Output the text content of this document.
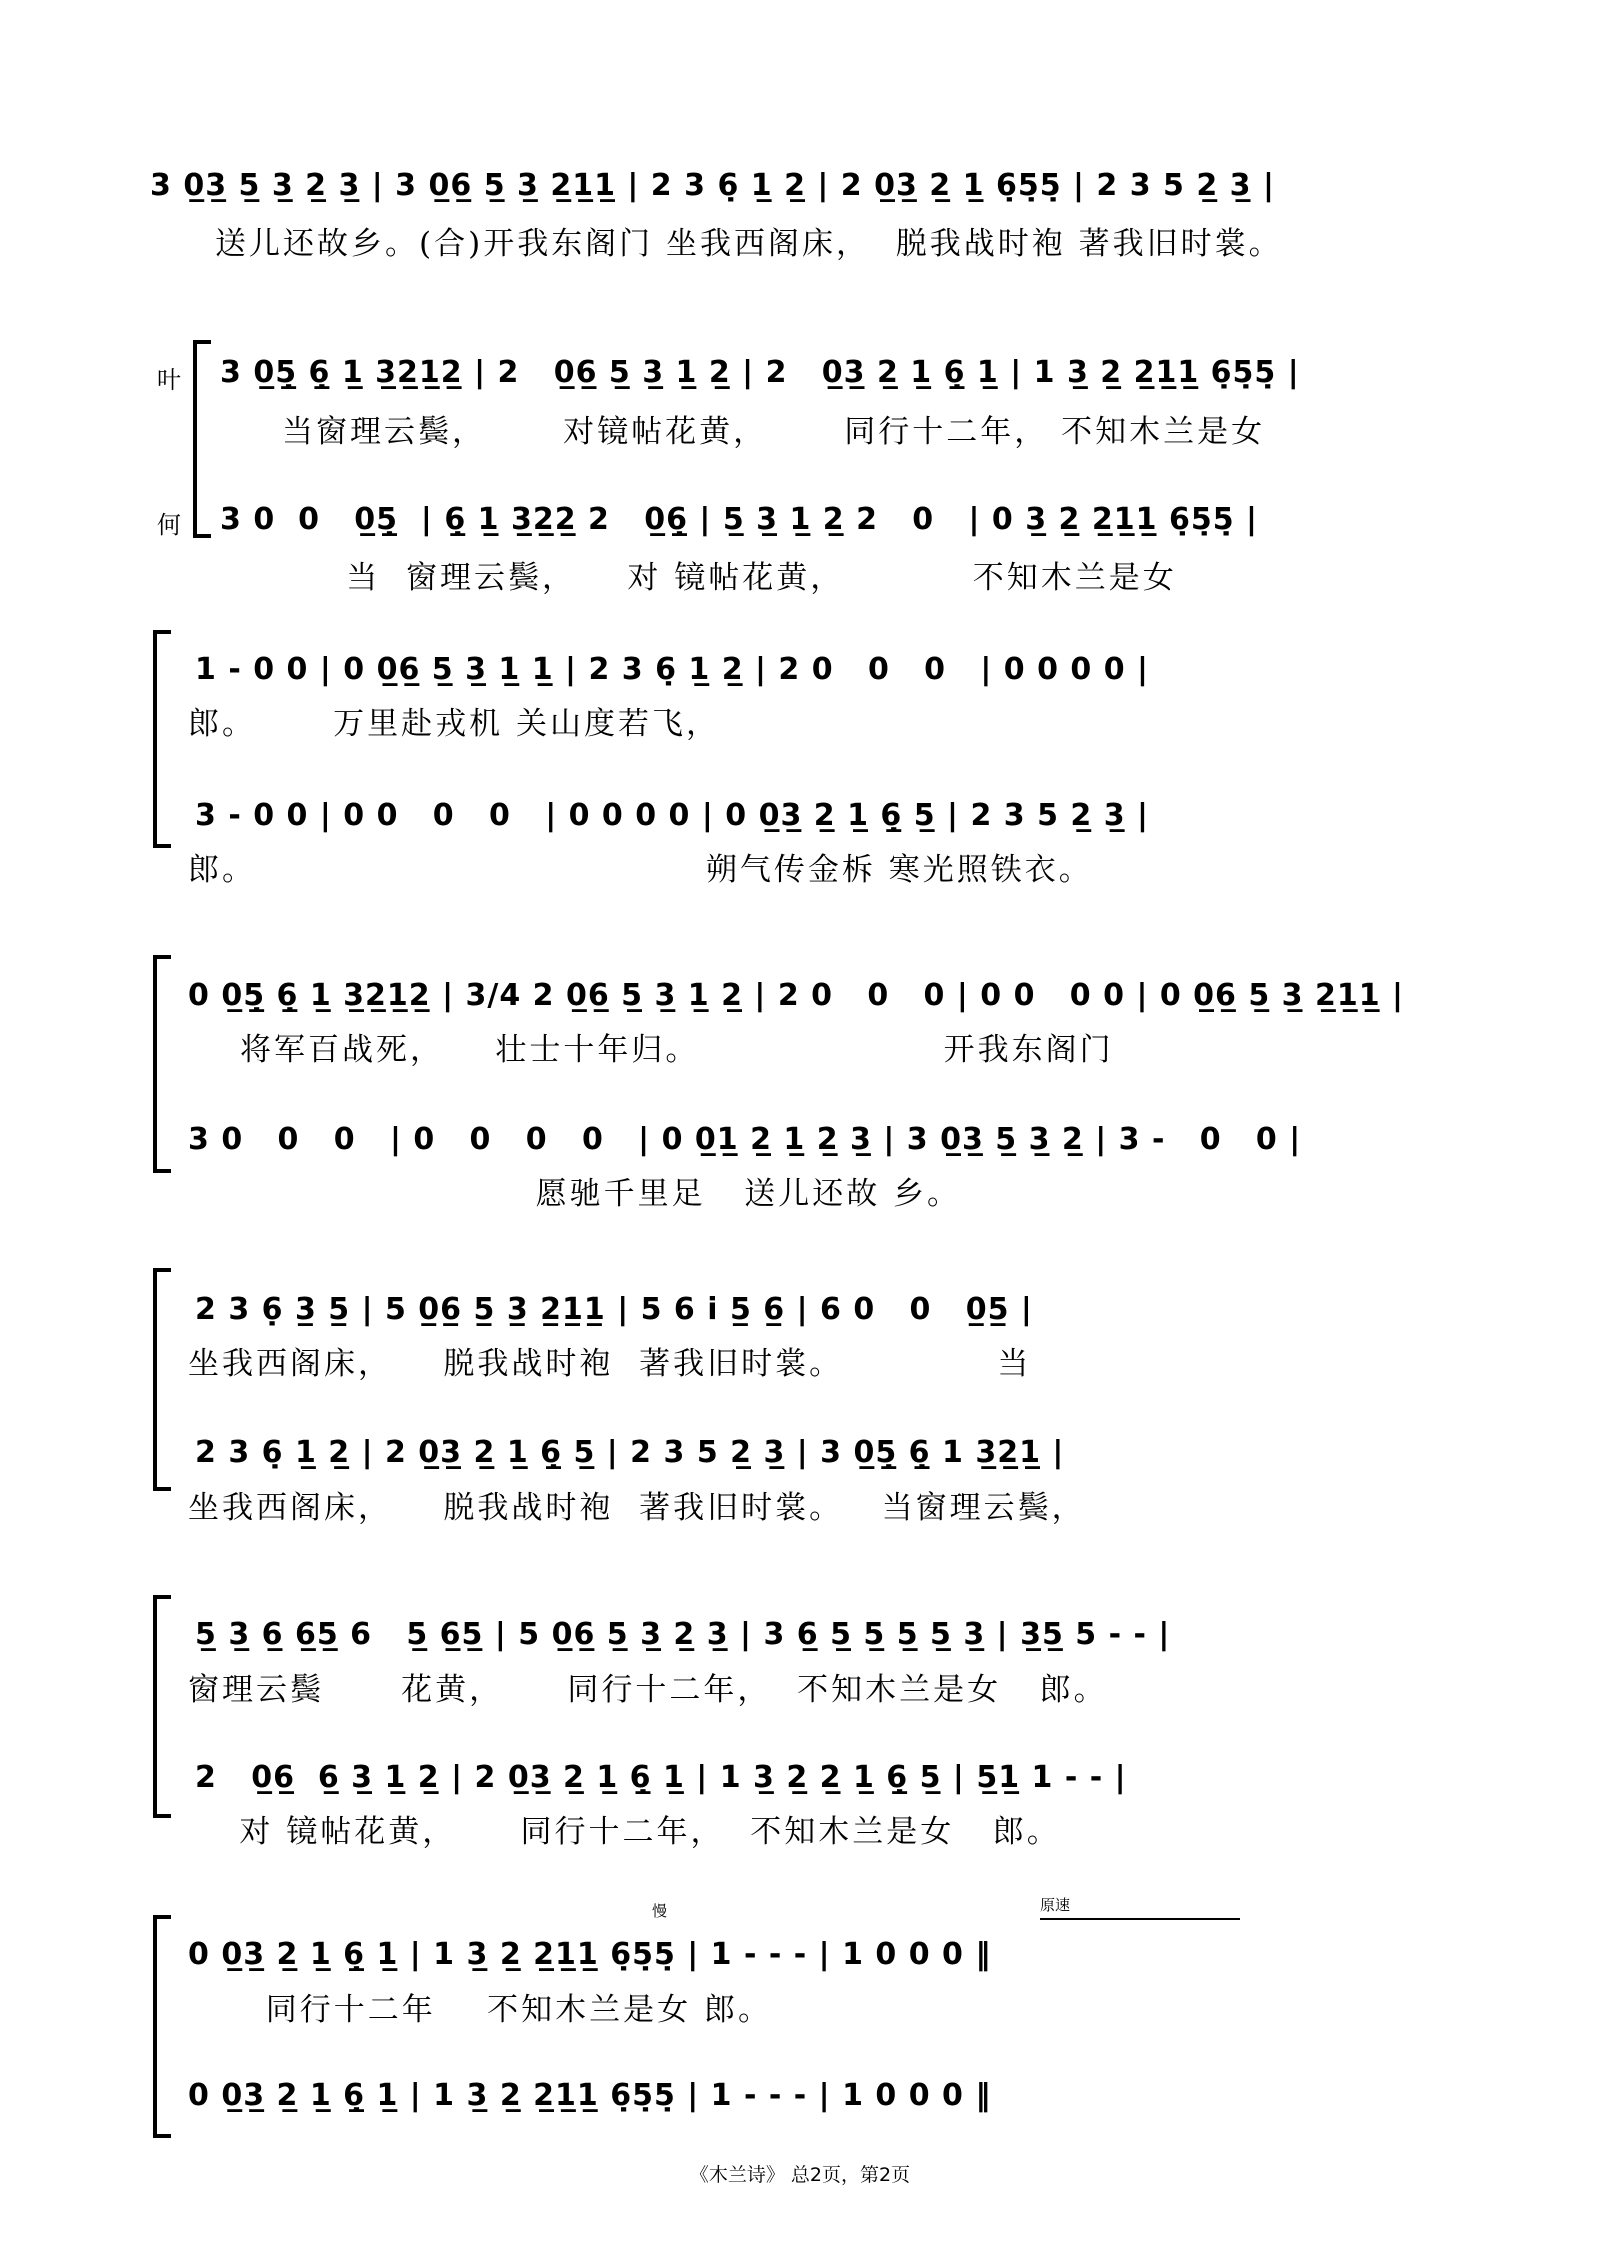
3 0̲3̲ 5̲ 3̲ 2̲ 3̲ | 3 0̲6̲ 5̲ 3̲ 2̲1̲1̲ | 2 3 6̣ 1̲ 2̲ | 2 0̲3̲ 2̲ 1̲ 6̣5̣5̣ | 2 3 5 2̲ 3̲ |
送儿还故乡。(合)开我东阁门 坐我西阁床，  脱我战时袍 著我旧时裳。
叶
何
3 0̲5̣̲ 6̣̲ 1̲ 3̲2̲1̲2̲ | 2   0̲6̲ 5̲ 3̲ 1̲ 2̲ | 2   0̲3̲ 2̲ 1̲ 6̣̲ 1̲ | 1 3̲ 2̲ 2̲1̲1̲ 6̣5̣5̣ |
当窗理云鬓，      对镜帖花黄，      同行十二年， 不知木兰是女
3 0  0   0̲5̣̲  | 6̣̲ 1̲ 3̲2̲2̲ 2   0̲6̣̲ | 5̲ 3̲ 1̲ 2̲ 2   0   | 0 3̲ 2̲ 2̲1̲1̲ 6̣5̣5̣ |
当  窗理云鬓，    对 镜帖花黄，          不知木兰是女
1 - 0 0 | 0 0̲6̲ 5̲ 3̲ 1̲ 1̲ | 2 3 6̣ 1̲ 2̲ | 2 0   0   0   | 0 0 0 0 |
郎。      万里赴戎机 关山度若飞，
3 - 0 0 | 0 0   0   0   | 0 0 0 0 | 0 0̲3̲ 2̲ 1̲ 6̣̲ 5̲ | 2 3 5 2̲ 3̲ |
郎。                                   朔气传金柝 寒光照铁衣。
0 0̲5̣̲ 6̣̲ 1̲ 3̲2̲1̲2̲ | 3/4 2 0̲6̲ 5̲ 3̲ 1̲ 2̲ | 2 0   0   0 | 0 0   0 0 | 0 0̲6̲ 5̲ 3̲ 2̲1̲1̲ |
将军百战死，    壮士十年归。                   开我东阁门
3 0   0   0   | 0   0   0   0   | 0 0̲1̲ 2̲ 1̲ 2̲ 3̲ | 3 0̲3̲ 5̲ 3̲ 2̲ | 3 -   0   0 |
愿驰千里足   送儿还故 乡。
2 3 6̣ 3̲ 5̲ | 5 0̲6̲ 5̲ 3̲ 2̲1̲1̲ | 5 6 i 5̲ 6̲ | 6 0   0   0̲5̲ |
坐我西阁床，    脱我战时袍  著我旧时裳。            当
2 3 6̣ 1̲ 2̲ | 2 0̲3̲ 2̲ 1̲ 6̣̲ 5̲ | 2 3 5 2̲ 3̲ | 3 0̲5̣̲ 6̣̲ 1 3̲2̲1̲ |
坐我西阁床，    脱我战时袍  著我旧时裳。   当窗理云鬓，
5̲ 3̲ 6̲ 6̲5̲ 6   5̲ 6̲5̲ | 5 0̲6̲ 5̲ 3̲ 2̲ 3̲ | 3 6̲ 5̲ 5̲ 5̲ 5̲ 3̲ | 3̲5̲ 5 - - |
窗理云鬓      花黄，     同行十二年，  不知木兰是女   郎。
2   0̲6̲  6̲ 3̲ 1̲ 2̲ | 2 0̲3̲ 2̲ 1̲ 6̣̲ 1̲ | 1 3̲ 2̲ 2̲ 1̲ 6̣̲ 5̲ | 5̲1̲ 1 - - |
对 镜帖花黄，     同行十二年，  不知木兰是女   郎。
慢	原速
0 0̲3̲ 2̲ 1̲ 6̣̲ 1̲ | 1 3̲ 2̲ 2̲1̲1̲ 6̣5̣5̣ | 1 - - - | 1 0 0 0 ‖
同行十二年    不知木兰是女 郎。
0 0̲3̲ 2̲ 1̲ 6̣̲ 1̲ | 1 3̲ 2̲ 2̲1̲1̲ 6̣5̣5̣ | 1 - - - | 1 0 0 0 ‖
《木兰诗》 总2页，第2页
